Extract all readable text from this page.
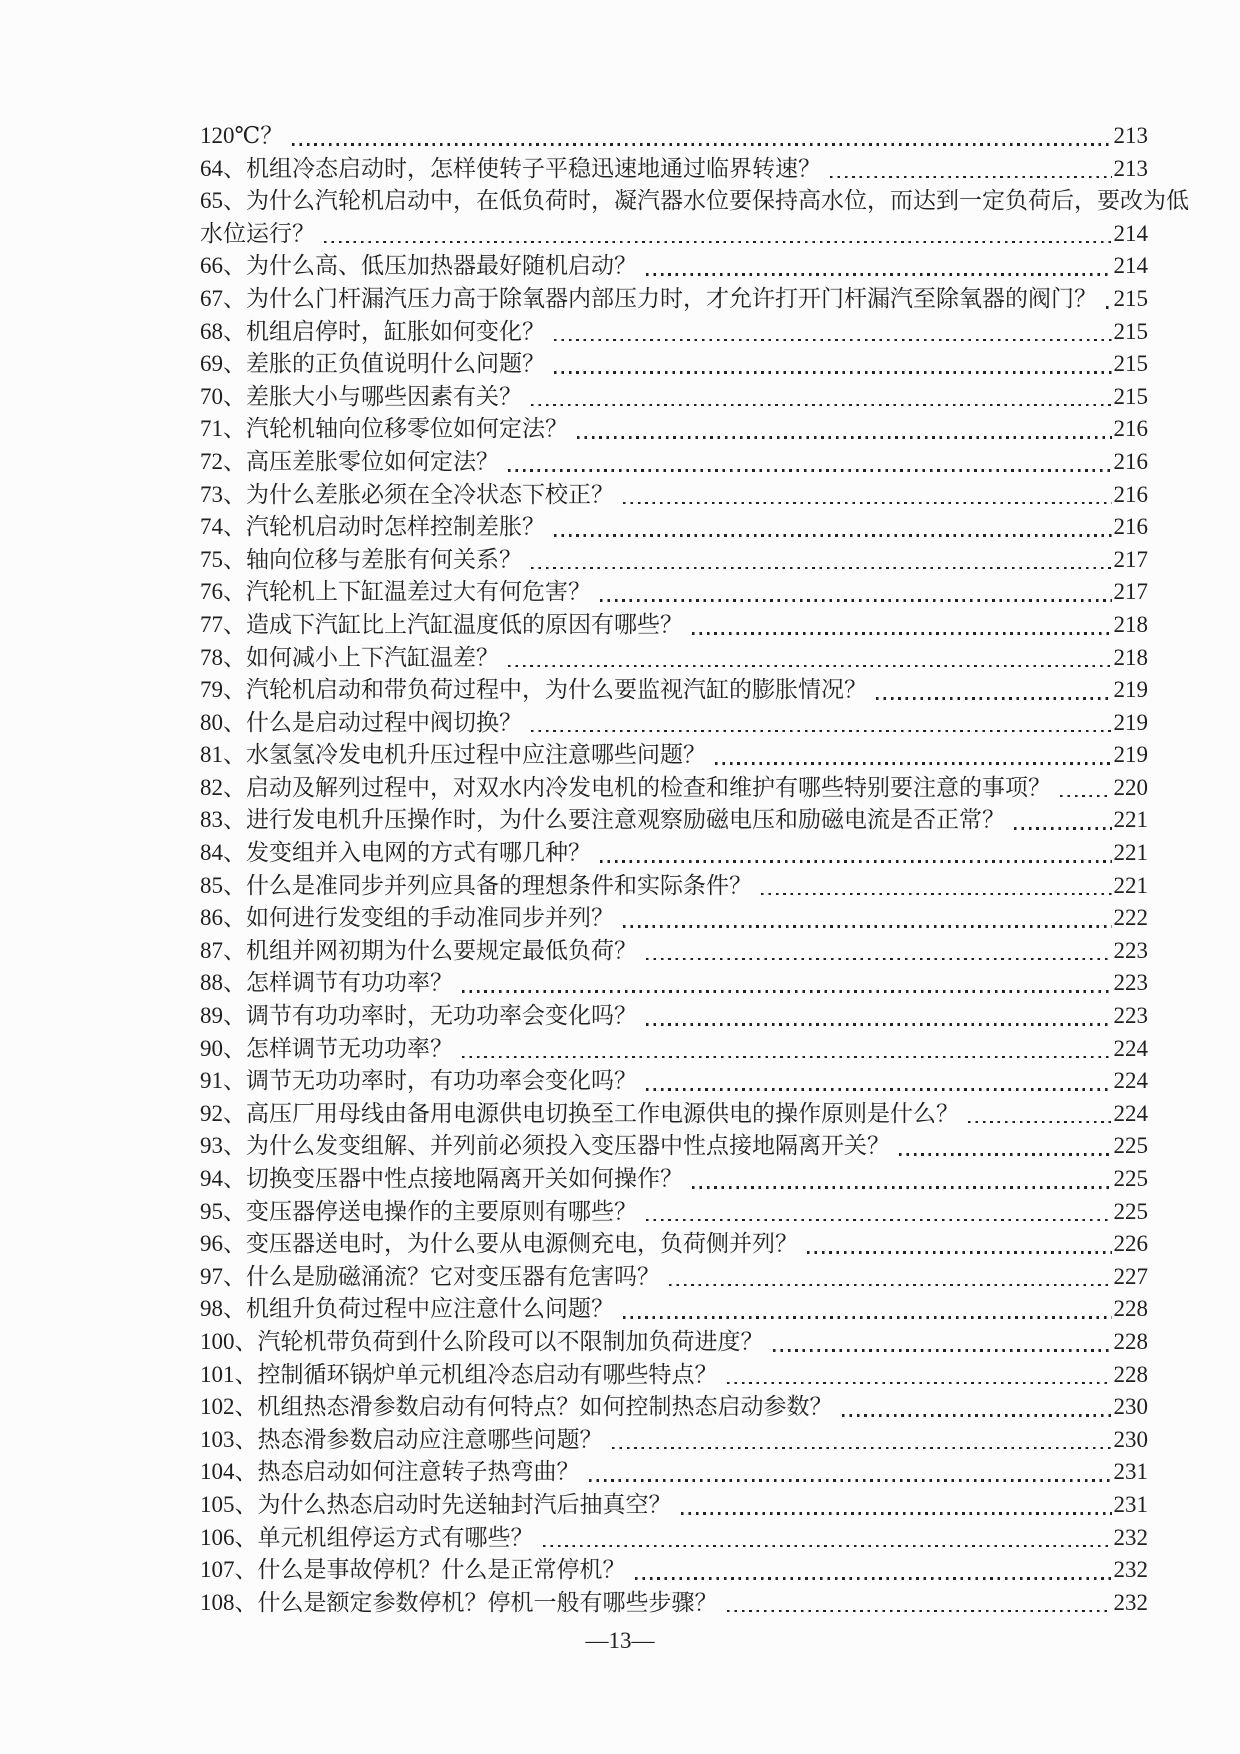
120℃？	213
64、机组冷态启动时，怎样使转子平稳迅速地通过临界转速？	213
65、为什么汽轮机启动中，在低负荷时，凝汽器水位要保持高水位，而达到一定负荷后，要改为低
水位运行？	214
66、为什么高、低压加热器最好随机启动？	214
67、为什么门杆漏汽压力高于除氧器内部压力时，才允许打开门杆漏汽至除氧器的阀门？ 215
68、机组启停时，缸胀如何变化？	215
69、差胀的正负值说明什么问题？	215
70、差胀大小与哪些因素有关？	215
71、汽轮机轴向位移零位如何定法？	216
72、高压差胀零位如何定法？	216
73、为什么差胀必须在全冷状态下校正？	216
74、汽轮机启动时怎样控制差胀？	216
75、轴向位移与差胀有何关系？	217
76、汽轮机上下缸温差过大有何危害？	217
77、造成下汽缸比上汽缸温度低的原因有哪些？	218
78、如何减小上下汽缸温差？	218
79、汽轮机启动和带负荷过程中，为什么要监视汽缸的膨胀情况？	219
80、什么是启动过程中阀切换？	219
81、水氢氢冷发电机升压过程中应注意哪些问题？	219
82、启动及解列过程中，对双水内冷发电机的检查和维护有哪些特别要注意的事项？	220
83、进行发电机升压操作时，为什么要注意观察励磁电压和励磁电流是否正常？	221
84、发变组并入电网的方式有哪几种？	221
85、什么是准同步并列应具备的理想条件和实际条件？	221
86、如何进行发变组的手动准同步并列？	222
87、机组并网初期为什么要规定最低负荷？	223
88、怎样调节有功功率？	223
89、调节有功功率时，无功功率会变化吗？	223
90、怎样调节无功功率？	224
91、调节无功功率时，有功功率会变化吗？	224
92、高压厂用母线由备用电源供电切换至工作电源供电的操作原则是什么？	224
93、为什么发变组解、并列前必须投入变压器中性点接地隔离开关？	225
94、切换变压器中性点接地隔离开关如何操作？	225
95、变压器停送电操作的主要原则有哪些？	225
96、变压器送电时，为什么要从电源侧充电，负荷侧并列？	226
97、什么是励磁涌流？它对变压器有危害吗？	227
98、机组升负荷过程中应注意什么问题？	228
100、汽轮机带负荷到什么阶段可以不限制加负荷进度？	228
101、控制循环锅炉单元机组冷态启动有哪些特点？	228
102、机组热态滑参数启动有何特点？如何控制热态启动参数？	230
103、热态滑参数启动应注意哪些问题？	230
104、热态启动如何注意转子热弯曲？	231
105、为什么热态启动时先送轴封汽后抽真空？	231
106、单元机组停运方式有哪些？	232
107、什么是事故停机？什么是正常停机？	232
108、什么是额定参数停机？停机一般有哪些步骤？	232
—13—
